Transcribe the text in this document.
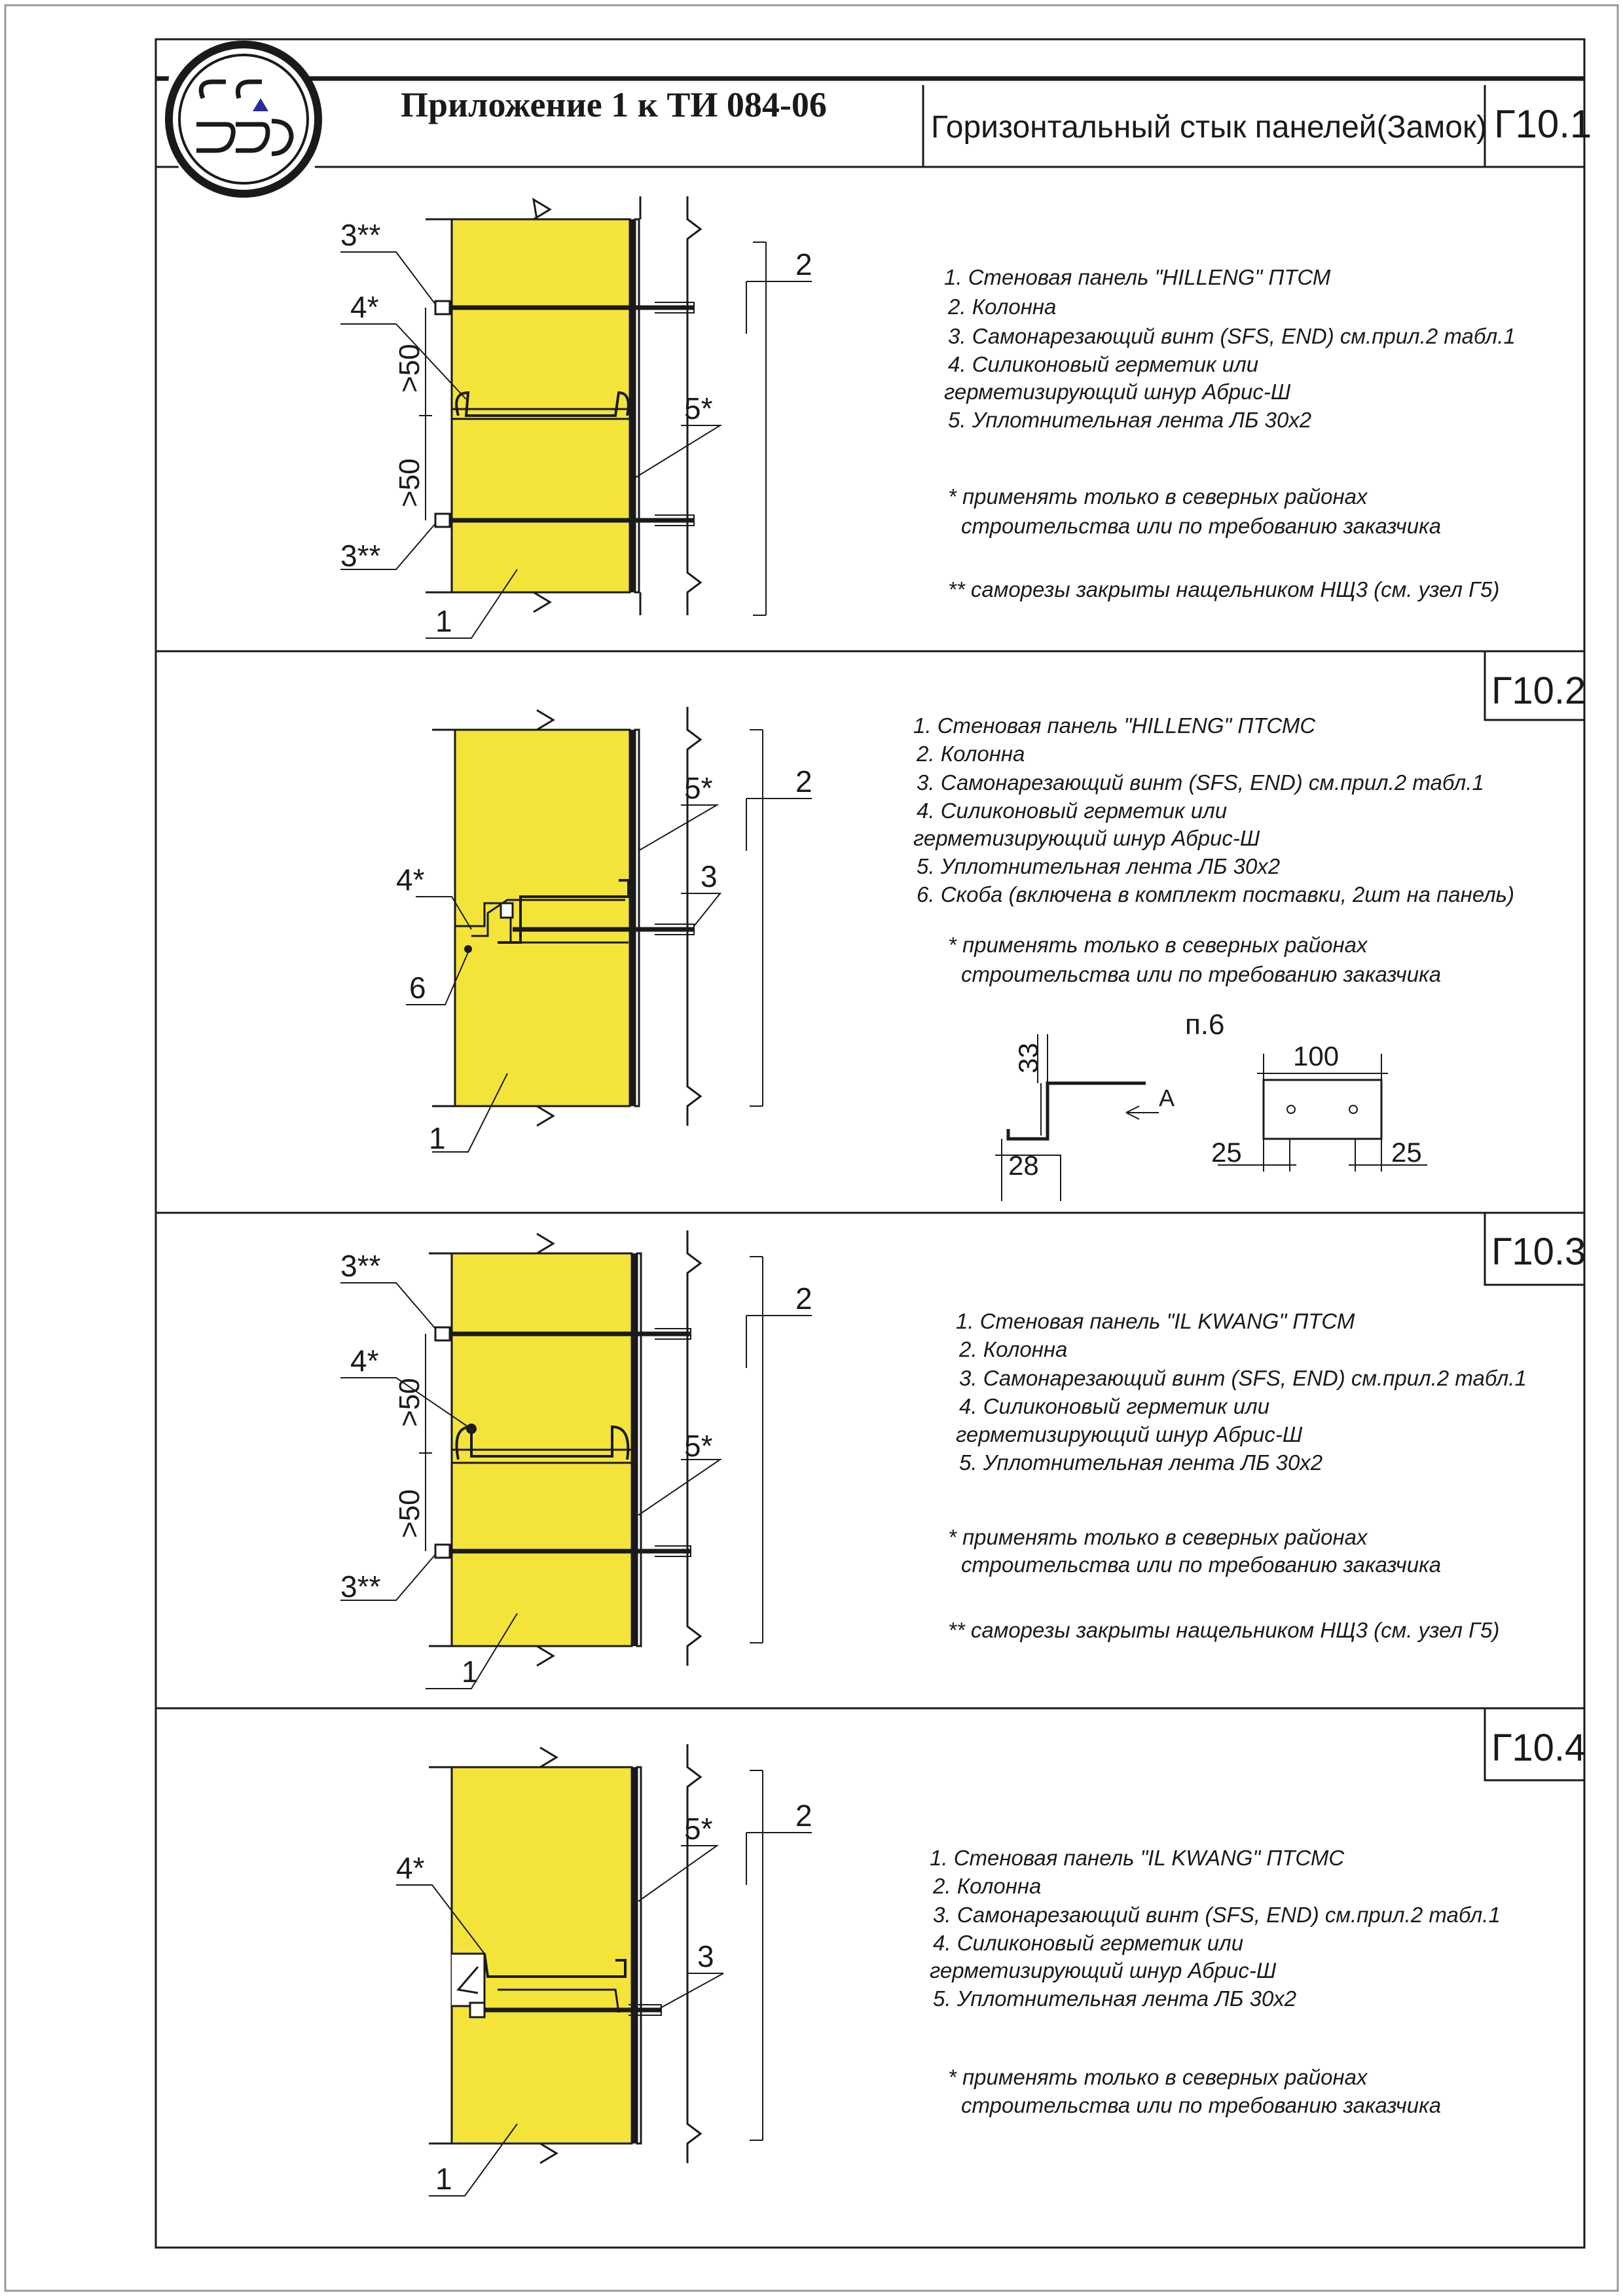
Приложение 1 к ТИ 084-06
Горизонтальный стык панелей(Замок) Г10.1
Г10.2
Г10.3
Г10.4
3**
4*
>50
>50
3**
1
2
5*
1. Стеновая панель "HILLENG" ПТСМ
2. Колонна
3. Самонарезающий винт (SFS, END) см.прил.2 табл.1
4. Силиконовый герметик или
герметизирующий шнур Абрис-Ш
5. Уплотнительная лента ЛБ 30х2
* применять только в северных районах
строительства или по требованию заказчика
** саморезы закрыты нащельником НЩ3 (см. узел Г5)
4*
6
1
5*	2
3
1. Стеновая панель "HILLENG" ПТСМС
2. Колонна
3. Самонарезающий винт (SFS, END) см.прил.2 табл.1
4. Силиконовый герметик или
герметизирующий шнур Абрис-Ш
5. Уплотнительная лента ЛБ 30х2
6. Скоба (включена в комплект поставки, 2шт на панель)
* применять только в северных районах
строительства или по требованию заказчика
п.6
33
28
A
100
25	25
3**
4*
>50
>50
3**
1
2
5*
1. Стеновая панель "IL KWANG" ПТСМ
2. Колонна
3. Самонарезающий винт (SFS, END) см.прил.2 табл.1
4. Силиконовый герметик или
герметизирующий шнур Абрис-Ш
5. Уплотнительная лента ЛБ 30х2
* применять только в северных районах
строительства или по требованию заказчика
** саморезы закрыты нащельником НЩ3 (см. узел Г5)
5*	2
4*
3
1
1. Стеновая панель "IL KWANG" ПТСМС
2. Колонна
3. Самонарезающий винт (SFS, END) см.прил.2 табл.1
4. Силиконовый герметик или
герметизирующий шнур Абрис-Ш
5. Уплотнительная лента ЛБ 30х2
* применять только в северных районах
строительства или по требованию заказчика
